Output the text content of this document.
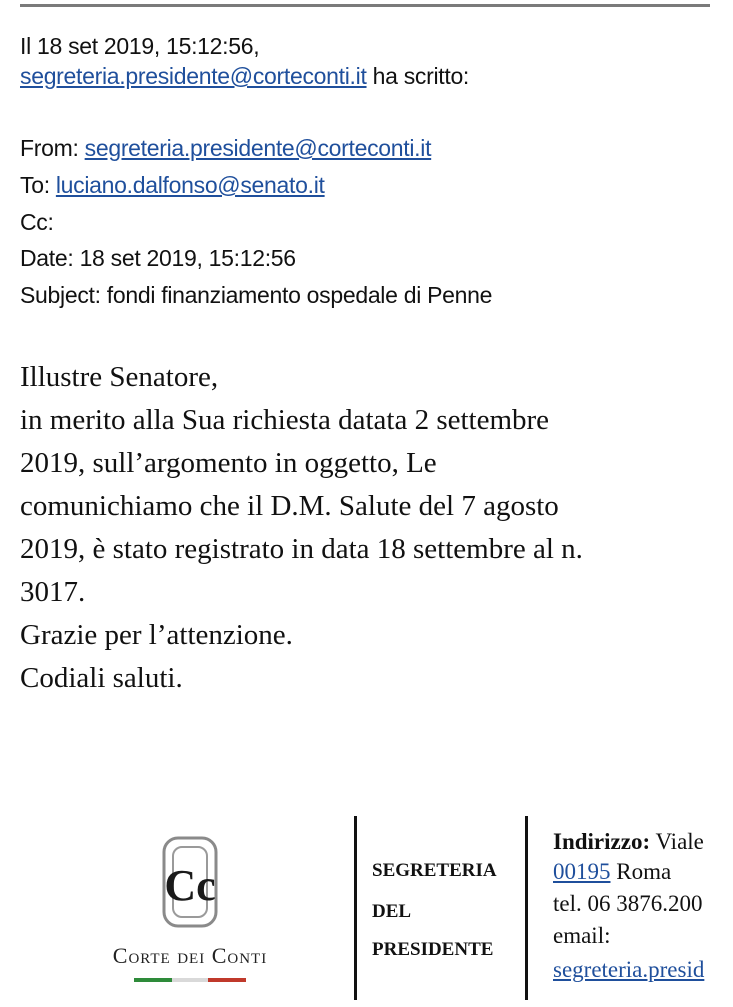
Il 18 set 2019, 15:12:56,
segreteria.presidente@corteconti.it ha scritto:
From: segreteria.presidente@corteconti.it
To: luciano.dalfonso@senato.it
Cc:
Date: 18 set 2019, 15:12:56
Subject: fondi finanziamento ospedale di Penne
Illustre Senatore,
in merito alla Sua richiesta datata 2 settembre
2019, sull’argomento in oggetto, Le
comunichiamo che il D.M. Salute del 7 agosto
2019, è stato registrato in data 18 settembre al n.
3017.
Grazie per l’attenzione.
Codiali saluti.
Cc
Corte dei Conti
SEGRETERIA
DEL
PRESIDENTE
Indirizzo: Viale
00195 Roma
tel. 06 3876.200
email:
segreteria.presid
